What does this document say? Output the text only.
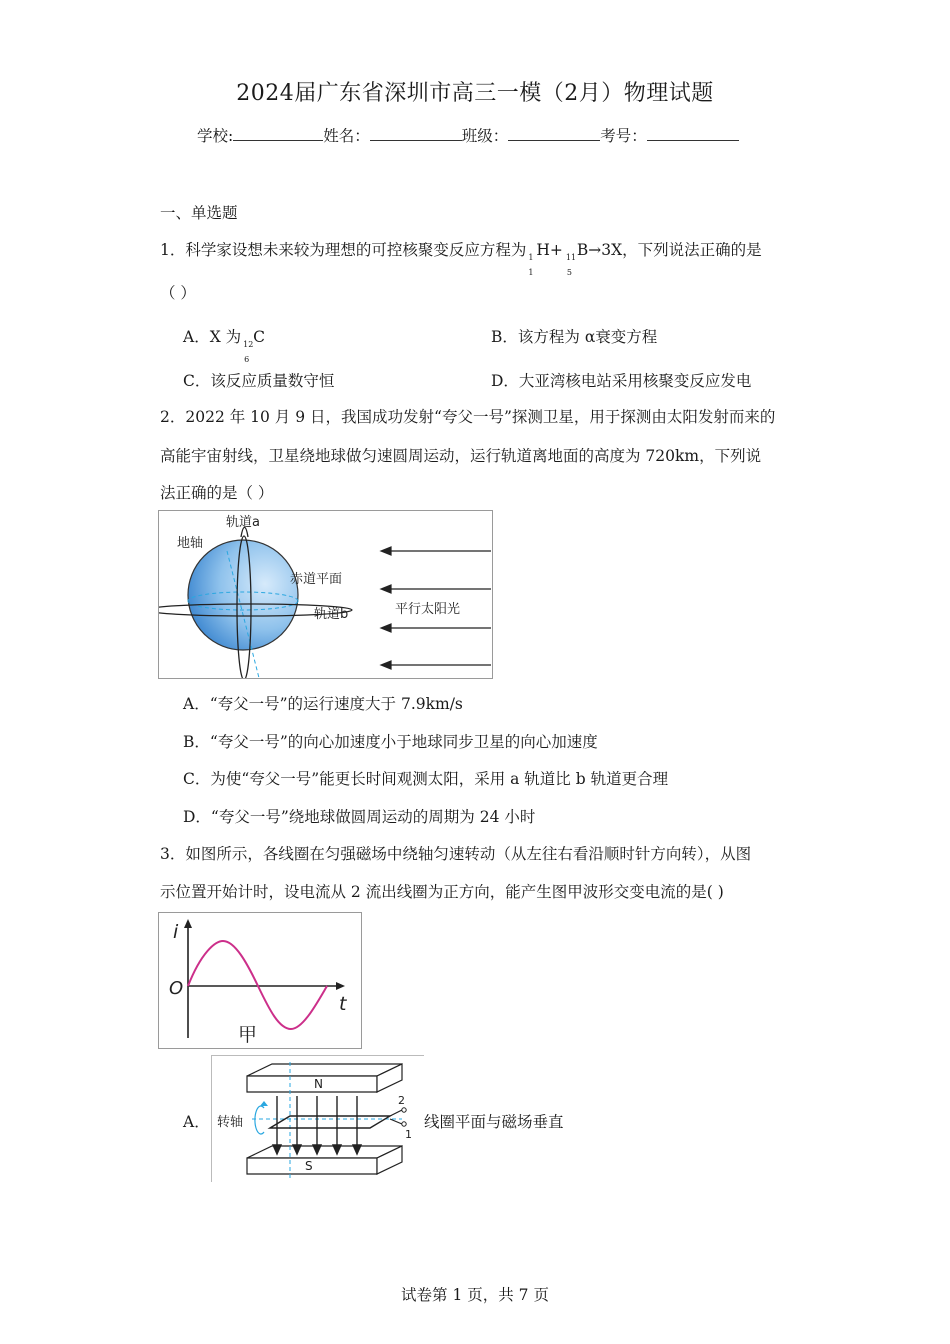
2024届广东省深圳市高三一模（2月）物理试题
学校:	姓名：	班级：	考号：
一、单选题
1．科学家设想未来较为理想的可控核聚变反应方程为 1
1
H+ 11
5
B→3X，下列说法正确的是
（ ）
A．X 为 12
6
C	B．该方程为 α衰变方程
C．该反应质量数守恒	D．大亚湾核电站采用核聚变反应发电
2．2022 年 10 月 9 日，我国成功发射“夸父一号”探测卫星，用于探测由太阳发射而来的
高能宇宙射线，卫星绕地球做匀速圆周运动，运行轨道离地面的高度为 720km，下列说
法正确的是（ ）
轨道a
地轴
赤道平面
轨道b	平行太阳光
A．“夸父一号”的运行速度大于 7.9km/s
B．“夸父一号”的向心加速度小于地球同步卫星的向心加速度
C．为使“夸父一号”能更长时间观测太阳，采用 a 轨道比 b 轨道更合理
D．“夸父一号”绕地球做圆周运动的周期为 24 小时
3．如图所示，各线圈在匀强磁场中绕轴匀速转动（从左往右看沿顺时针方向转），从图
示位置开始计时，设电流从 2 流出线圈为正方向，能产生图甲波形交变电流的是( )
i
O
t
甲
A．
N
S
2
1
转轴	线圈平面与磁场垂直
试卷第 1 页，共 7 页
